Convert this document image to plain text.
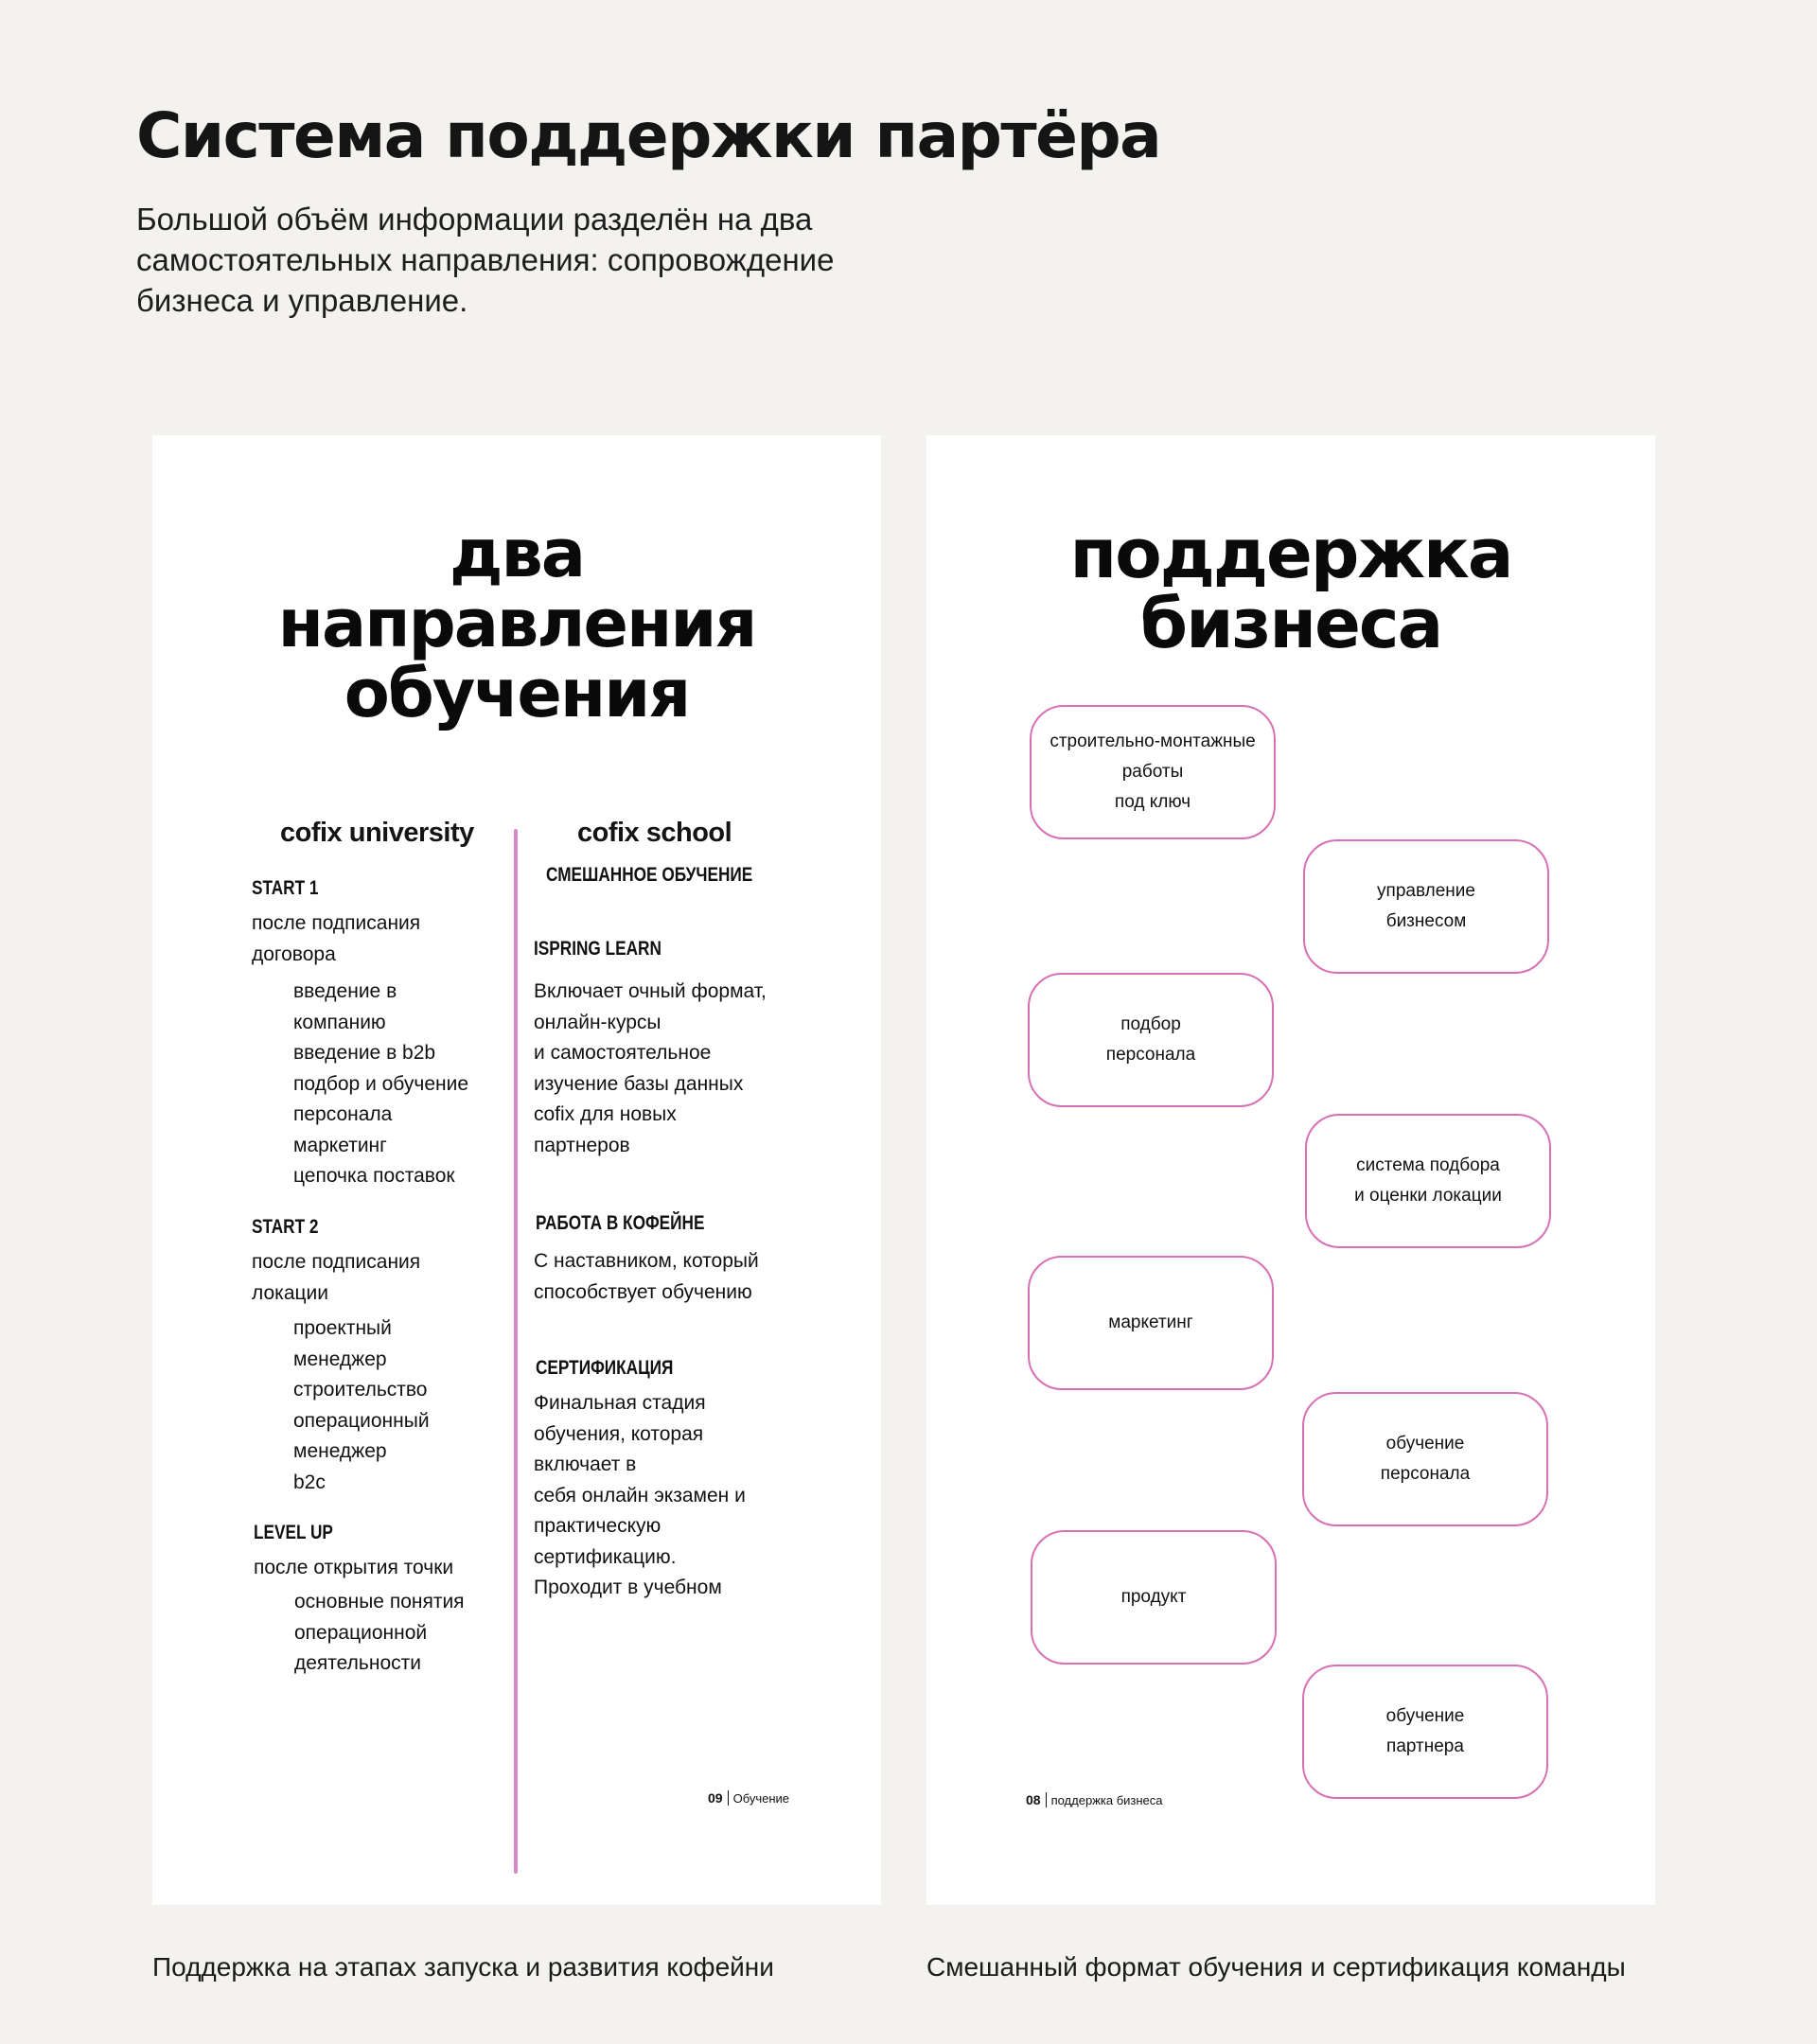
Система поддержки партёра

Большой объём информации разделён на два самостоятельных направления: сопровождение бизнеса и управление.

два
направления
обучения

cofix university

START 1

после подписания
договора

введение в
компанию
введение в b2b
подбор и обучение
персонала
маркетинг
цепочка поставок

START 2

после подписания
локации

проектный
менеджер
строительство
операционный
менеджер
b2c

LEVEL UP

после открытия точки

основные понятия
операционной
деятельности

cofix school

СМЕШАННОЕ ОБУЧЕНИЕ

ISPRING LEARN

Включает очный формат,
онлайн-курсы
и самостоятельное
изучение базы данных
cofix для новых
партнеров

РАБОТА В КОФЕЙНЕ

С наставником, который
способствует обучению

СЕРТИФИКАЦИЯ

Финальная стадия
обучения, которая
включает в
себя онлайн экзамен и
практическую
сертификацию.
Проходит в учебном

09 Обучение
поддержка
бизнеса
строительно-монтажные
работы
под ключ
управление
бизнесом
подбор
персонала
система подбора
и оценки локации
маркетинг
обучение
персонала
продукт
обучение
партнера
08 поддержка бизнеса

Поддержка на этапах запуска и развития кофейни	Смешанный формат обучения и сертификация команды
